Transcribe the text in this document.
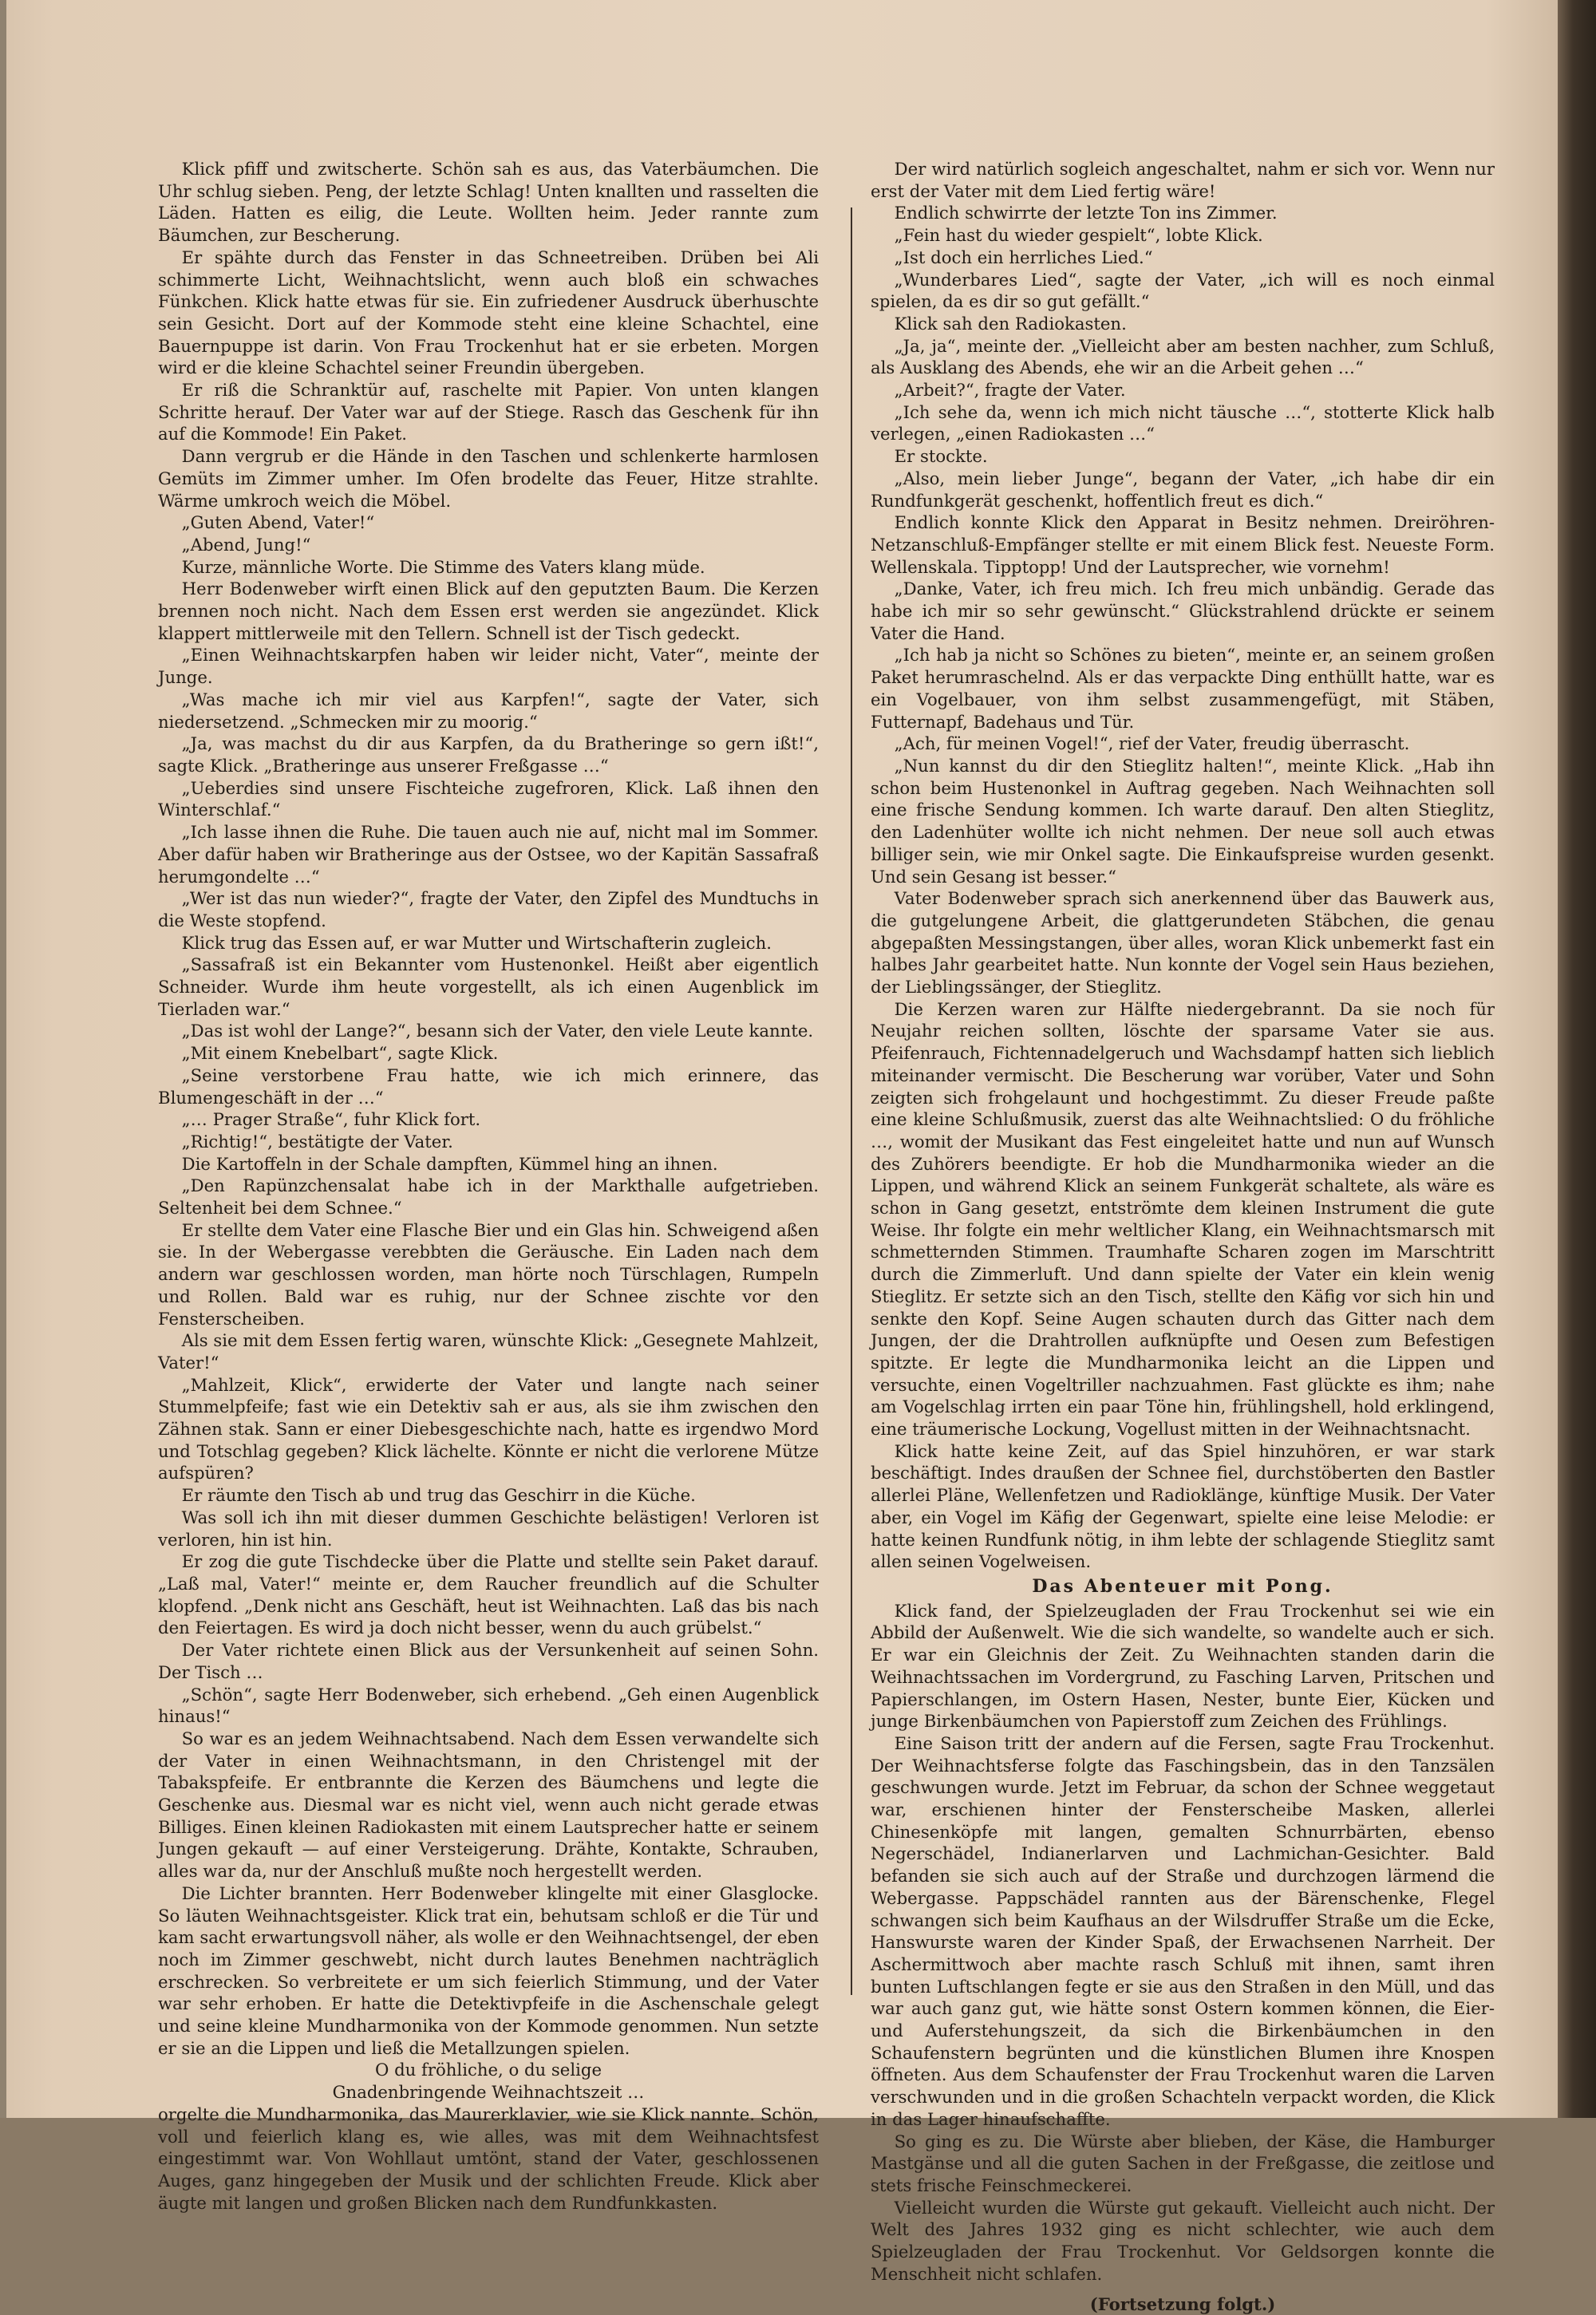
Klick pfiff und zwitscherte. Schön sah es aus, das Vaterbäumchen. Die Uhr schlug sieben. Peng, der letzte Schlag! Unten knallten und rasselten die Läden. Hatten es eilig, die Leute. Wollten heim. Jeder rannte zum Bäumchen, zur Bescherung.

Er spähte durch das Fenster in das Schneetreiben. Drüben bei Ali schimmerte Licht, Weihnachtslicht, wenn auch bloß ein schwaches Fünkchen. Klick hatte etwas für sie. Ein zufriedener Ausdruck überhuschte sein Gesicht. Dort auf der Kommode steht eine kleine Schachtel, eine Bauernpuppe ist darin. Von Frau Trockenhut hat er sie erbeten. Morgen wird er die kleine Schachtel seiner Freundin übergeben.

Er riß die Schranktür auf, raschelte mit Papier. Von unten klangen Schritte herauf. Der Vater war auf der Stiege. Rasch das Geschenk für ihn auf die Kommode! Ein Paket.

Dann vergrub er die Hände in den Taschen und schlenkerte harmlosen Gemüts im Zimmer umher. Im Ofen brodelte das Feuer, Hitze strahlte. Wärme umkroch weich die Möbel.

„Guten Abend, Vater!“

„Abend, Jung!“

Kurze, männliche Worte. Die Stimme des Vaters klang müde.

Herr Bodenweber wirft einen Blick auf den geputzten Baum. Die Kerzen brennen noch nicht. Nach dem Essen erst werden sie angezündet. Klick klappert mittlerweile mit den Tellern. Schnell ist der Tisch gedeckt.

„Einen Weihnachtskarpfen haben wir leider nicht, Vater“, meinte der Junge.

„Was mache ich mir viel aus Karpfen!“, sagte der Vater, sich niedersetzend. „Schmecken mir zu moorig.“

„Ja, was machst du dir aus Karpfen, da du Bratheringe so gern ißt!“, sagte Klick. „Bratheringe aus unserer Freßgasse …“

„Ueberdies sind unsere Fischteiche zugefroren, Klick. Laß ihnen den Winterschlaf.“

„Ich lasse ihnen die Ruhe. Die tauen auch nie auf, nicht mal im Sommer. Aber dafür haben wir Bratheringe aus der Ostsee, wo der Kapitän Sassafraß herumgondelte …“

„Wer ist das nun wieder?“, fragte der Vater, den Zipfel des Mundtuchs in die Weste stopfend.

Klick trug das Essen auf, er war Mutter und Wirtschafterin zugleich.

„Sassafraß ist ein Bekannter vom Hustenonkel. Heißt aber eigentlich Schneider. Wurde ihm heute vorgestellt, als ich einen Augenblick im Tierladen war.“

„Das ist wohl der Lange?“, besann sich der Vater, den viele Leute kannte.

„Mit einem Knebelbart“, sagte Klick.

„Seine verstorbene Frau hatte, wie ich mich erinnere, das Blumengeschäft in der …“

„… Prager Straße“, fuhr Klick fort.

„Richtig!“, bestätigte der Vater.

Die Kartoffeln in der Schale dampften, Kümmel hing an ihnen.

„Den Rapünzchensalat habe ich in der Markthalle aufgetrieben. Seltenheit bei dem Schnee.“

Er stellte dem Vater eine Flasche Bier und ein Glas hin. Schweigend aßen sie. In der Webergasse verebbten die Geräusche. Ein Laden nach dem andern war geschlossen worden, man hörte noch Türschlagen, Rumpeln und Rollen. Bald war es ruhig, nur der Schnee zischte vor den Fensterscheiben.

Als sie mit dem Essen fertig waren, wünschte Klick: „Gesegnete Mahlzeit, Vater!“

„Mahlzeit, Klick“, erwiderte der Vater und langte nach seiner Stummelpfeife; fast wie ein Detektiv sah er aus, als sie ihm zwischen den Zähnen stak. Sann er einer Diebesgeschichte nach, hatte es irgendwo Mord und Totschlag gegeben? Klick lächelte. Könnte er nicht die verlorene Mütze aufspüren?

Er räumte den Tisch ab und trug das Geschirr in die Küche.

Was soll ich ihn mit dieser dummen Geschichte belästigen! Verloren ist verloren, hin ist hin.

Er zog die gute Tischdecke über die Platte und stellte sein Paket darauf. „Laß mal, Vater!“ meinte er, dem Raucher freundlich auf die Schulter klopfend. „Denk nicht ans Geschäft, heut ist Weihnachten. Laß das bis nach den Feiertagen. Es wird ja doch nicht besser, wenn du auch grübelst.“

Der Vater richtete einen Blick aus der Versunkenheit auf seinen Sohn. Der Tisch …

„Schön“, sagte Herr Bodenweber, sich erhebend. „Geh einen Augenblick hinaus!“

So war es an jedem Weihnachtsabend. Nach dem Essen verwandelte sich der Vater in einen Weihnachtsmann, in den Christengel mit der Tabakspfeife. Er entbrannte die Kerzen des Bäumchens und legte die Geschenke aus. Diesmal war es nicht viel, wenn auch nicht gerade etwas Billiges. Einen kleinen Radiokasten mit einem Lautsprecher hatte er seinem Jungen gekauft — auf einer Versteigerung. Drähte, Kontakte, Schrauben, alles war da, nur der Anschluß mußte noch hergestellt werden.

Die Lichter brannten. Herr Bodenweber klingelte mit einer Glasglocke. So läuten Weihnachtsgeister. Klick trat ein, behutsam schloß er die Tür und kam sacht erwartungsvoll näher, als wolle er den Weihnachtsengel, der eben noch im Zimmer geschwebt, nicht durch lautes Benehmen nachträglich erschrecken. So verbreitete er um sich feierlich Stimmung, und der Vater war sehr erhoben. Er hatte die Detektivpfeife in die Aschenschale gelegt und seine kleine Mundharmonika von der Kommode genommen. Nun setzte er sie an die Lippen und ließ die Metallzungen spielen.

O du fröhliche, o du selige

Gnadenbringende Weihnachtszeit …

orgelte die Mundharmonika, das Maurerklavier, wie sie Klick nannte. Schön, voll und feierlich klang es, wie alles, was mit dem Weihnachtsfest eingestimmt war. Von Wohllaut umtönt, stand der Vater, geschlossenen Auges, ganz hingegeben der Musik und der schlichten Freude. Klick aber äugte mit langen und großen Blicken nach dem Rundfunkkasten.

Der wird natürlich sogleich angeschaltet, nahm er sich vor. Wenn nur erst der Vater mit dem Lied fertig wäre!

Endlich schwirrte der letzte Ton ins Zimmer.

„Fein hast du wieder gespielt“, lobte Klick.

„Ist doch ein herrliches Lied.“

„Wunderbares Lied“, sagte der Vater, „ich will es noch einmal spielen, da es dir so gut gefällt.“

Klick sah den Radiokasten.

„Ja, ja“, meinte der. „Vielleicht aber am besten nachher, zum Schluß, als Ausklang des Abends, ehe wir an die Arbeit gehen …“

„Arbeit?“, fragte der Vater.

„Ich sehe da, wenn ich mich nicht täusche …“, stotterte Klick halb verlegen, „einen Radiokasten …“

Er stockte.

„Also, mein lieber Junge“, begann der Vater, „ich habe dir ein Rundfunkgerät geschenkt, hoffentlich freut es dich.“

Endlich konnte Klick den Apparat in Besitz nehmen. Dreiröhren-Netzanschluß-Empfänger stellte er mit einem Blick fest. Neueste Form. Wellenskala. Tipptopp! Und der Lautsprecher, wie vornehm!

„Danke, Vater, ich freu mich. Ich freu mich unbändig. Gerade das habe ich mir so sehr gewünscht.“ Glückstrahlend drückte er seinem Vater die Hand.

„Ich hab ja nicht so Schönes zu bieten“, meinte er, an seinem großen Paket herumraschelnd. Als er das verpackte Ding enthüllt hatte, war es ein Vogelbauer, von ihm selbst zusammengefügt, mit Stäben, Futternapf, Badehaus und Tür.

„Ach, für meinen Vogel!“, rief der Vater, freudig überrascht.

„Nun kannst du dir den Stieglitz halten!“, meinte Klick. „Hab ihn schon beim Hustenonkel in Auftrag gegeben. Nach Weihnachten soll eine frische Sendung kommen. Ich warte darauf. Den alten Stieglitz, den Ladenhüter wollte ich nicht nehmen. Der neue soll auch etwas billiger sein, wie mir Onkel sagte. Die Einkaufspreise wurden gesenkt. Und sein Gesang ist besser.“

Vater Bodenweber sprach sich anerkennend über das Bauwerk aus, die gutgelungene Arbeit, die glattgerundeten Stäbchen, die genau abgepaßten Messingstangen, über alles, woran Klick unbemerkt fast ein halbes Jahr gearbeitet hatte. Nun konnte der Vogel sein Haus beziehen, der Lieblingssänger, der Stieglitz.

Die Kerzen waren zur Hälfte niedergebrannt. Da sie noch für Neujahr reichen sollten, löschte der sparsame Vater sie aus. Pfeifenrauch, Fichtennadelgeruch und Wachsdampf hatten sich lieblich miteinander vermischt. Die Bescherung war vorüber, Vater und Sohn zeigten sich frohgelaunt und hochgestimmt. Zu dieser Freude paßte eine kleine Schlußmusik, zuerst das alte Weihnachtslied: O du fröhliche …, womit der Musikant das Fest eingeleitet hatte und nun auf Wunsch des Zuhörers beendigte. Er hob die Mundharmonika wieder an die Lippen, und während Klick an seinem Funkgerät schaltete, als wäre es schon in Gang gesetzt, entströmte dem kleinen Instrument die gute Weise. Ihr folgte ein mehr weltlicher Klang, ein Weihnachtsmarsch mit schmetternden Stimmen. Traumhafte Scharen zogen im Marschtritt durch die Zimmerluft. Und dann spielte der Vater ein klein wenig Stieglitz. Er setzte sich an den Tisch, stellte den Käfig vor sich hin und senkte den Kopf. Seine Augen schauten durch das Gitter nach dem Jungen, der die Drahtrollen aufknüpfte und Oesen zum Befestigen spitzte. Er legte die Mundharmonika leicht an die Lippen und versuchte, einen Vogeltriller nachzuahmen. Fast glückte es ihm; nahe am Vogelschlag irrten ein paar Töne hin, frühlingshell, hold erklingend, eine träumerische Lockung, Vogellust mitten in der Weihnachtsnacht.

Klick hatte keine Zeit, auf das Spiel hinzuhören, er war stark beschäftigt. Indes draußen der Schnee fiel, durchstöberten den Bastler allerlei Pläne, Wellenfetzen und Radioklänge, künftige Musik. Der Vater aber, ein Vogel im Käfig der Gegenwart, spielte eine leise Melodie: er hatte keinen Rundfunk nötig, in ihm lebte der schlagende Stieglitz samt allen seinen Vogelweisen.

Das Abenteuer mit Pong.

Klick fand, der Spielzeugladen der Frau Trockenhut sei wie ein Abbild der Außenwelt. Wie die sich wandelte, so wandelte auch er sich. Er war ein Gleichnis der Zeit. Zu Weihnachten standen darin die Weihnachtssachen im Vordergrund, zu Fasching Larven, Pritschen und Papierschlangen, im Ostern Hasen, Nester, bunte Eier, Kücken und junge Birkenbäumchen von Papierstoff zum Zeichen des Frühlings.

Eine Saison tritt der andern auf die Fersen, sagte Frau Trockenhut. Der Weihnachtsferse folgte das Faschingsbein, das in den Tanzsälen geschwungen wurde. Jetzt im Februar, da schon der Schnee weggetaut war, erschienen hinter der Fensterscheibe Masken, allerlei Chinesenköpfe mit langen, gemalten Schnurrbärten, ebenso Negerschädel, Indianerlarven und Lachmichan-Gesichter. Bald befanden sie sich auch auf der Straße und durchzogen lärmend die Webergasse. Pappschädel rannten aus der Bärenschenke, Flegel schwangen sich beim Kaufhaus an der Wilsdruffer Straße um die Ecke, Hanswurste waren der Kinder Spaß, der Erwachsenen Narrheit. Der Aschermittwoch aber machte rasch Schluß mit ihnen, samt ihren bunten Luftschlangen fegte er sie aus den Straßen in den Müll, und das war auch ganz gut, wie hätte sonst Ostern kommen können, die Eier- und Auferstehungszeit, da sich die Birkenbäumchen in den Schaufenstern begrünten und die künstlichen Blumen ihre Knospen öffneten. Aus dem Schaufenster der Frau Trockenhut waren die Larven verschwunden und in die großen Schachteln verpackt worden, die Klick in das Lager hinaufschaffte.

So ging es zu. Die Würste aber blieben, der Käse, die Hamburger Mastgänse und all die guten Sachen in der Freßgasse, die zeitlose und stets frische Feinschmeckerei.

Vielleicht wurden die Würste gut gekauft. Vielleicht auch nicht. Der Welt des Jahres 1932 ging es nicht schlechter, wie auch dem Spielzeugladen der Frau Trockenhut. Vor Geldsorgen konnte die Menschheit nicht schlafen.

(Fortsetzung folgt.)
